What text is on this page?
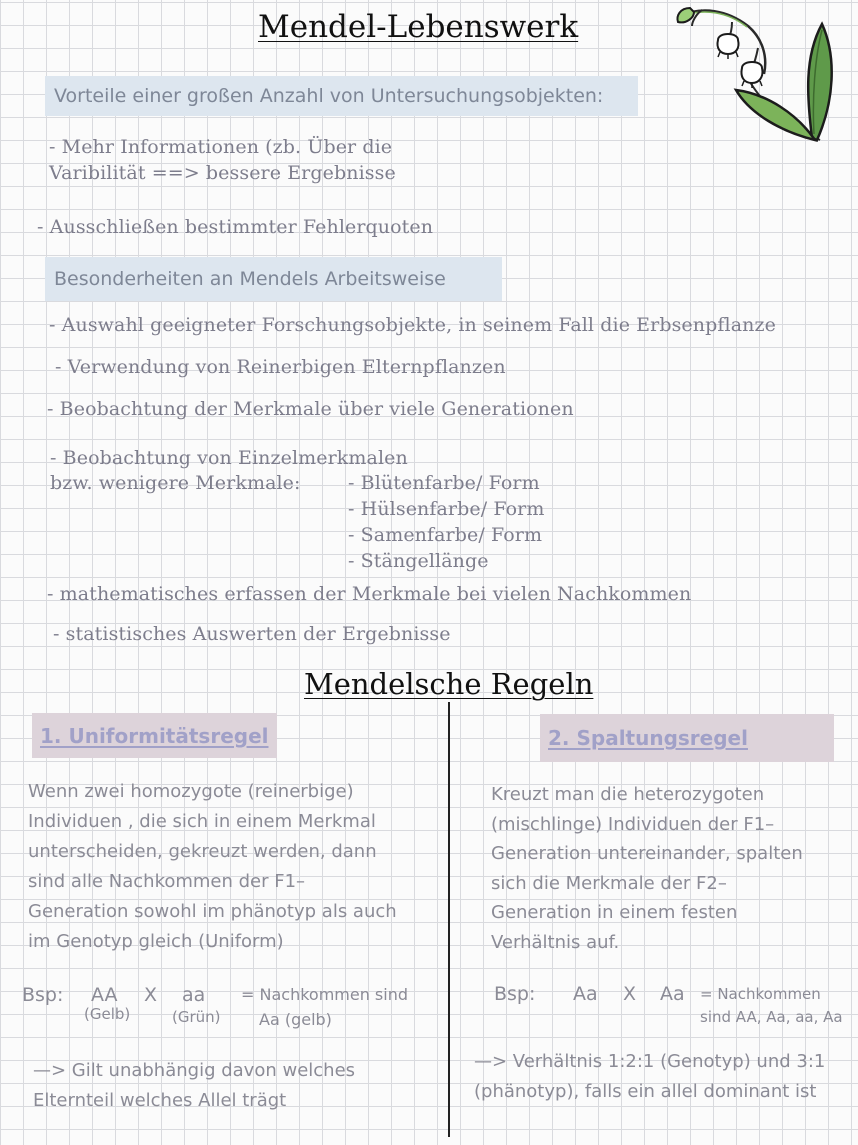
Mendel-Lebenswerk
Vorteile einer großen Anzahl von Untersuchungsobjekten:
- Mehr Informationen (zb. Über die
Varibilität ==> bessere Ergebnisse
- Ausschließen bestimmter Fehlerquoten
Besonderheiten an Mendels Arbeitsweise
- Auswahl geeigneter Forschungsobjekte, in seinem Fall die Erbsenpflanze
- Verwendung von Reinerbigen Elternpflanzen
- Beobachtung der Merkmale über viele Generationen
- Beobachtung von Einzelmerkmalen
bzw. wenigere Merkmale: - Blütenfarbe/ Form
- Hülsenfarbe/ Form
- Samenfarbe/ Form
- Stängellänge
- mathematisches erfassen der Merkmale bei vielen Nachkommen
- statistisches Auswerten der Ergebnisse
Mendelsche Regeln
1. Uniformitätsregel
Wenn zwei homozygote (reinerbige)
Individuen , die sich in einem Merkmal
unterscheiden, gekreuzt werden, dann
sind alle Nachkommen der F1–
Generation sowohl im phänotyp als auch
im Genotyp gleich (Uniform)
Bsp: AA X aa = Nachkommen sind
Aa (gelb)
(Gelb)	(Grün)
—> Gilt unabhängig davon welches
Elternteil welches Allel trägt
2. Spaltungsregel
Kreuzt man die heterozygoten
(mischlinge) Individuen der F1–
Generation untereinander, spalten
sich die Merkmale der F2–
Generation in einem festen
Verhältnis auf.
Bsp: Aa X Aa = Nachkommen
sind AA, Aa, aa, Aa
—> Verhältnis 1:2:1 (Genotyp) und 3:1
(phänotyp), falls ein allel dominant ist
